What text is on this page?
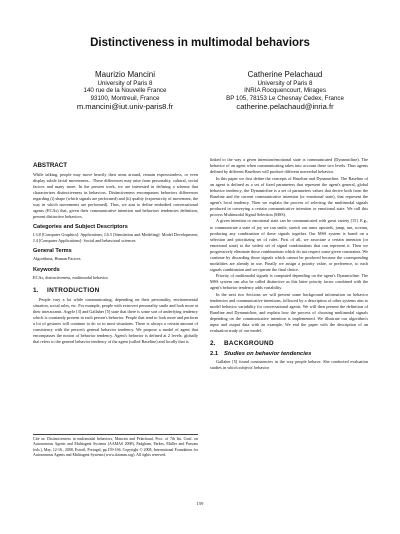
Distinctiveness in multimodal behaviors
Maurizio Mancini
University of Paris 8
140 rue de la Nouvelle France
93100, Montreuil, France
m.mancini@iut.univ-paris8.fr
Catherine Pelachaud
University of Paris 8
INRIA Rocquencourt, Mirages
BP 105, 78153 Le Chesnay Cedex, France
catherine.pelachaud@inria.fr
ABSTRACT

While talking, people may move heavily their arms around, remain expressionless, or even display subtle facial movements... These differences may arise from personality, cultural, social factors and many more. In the present work, we are interested in defining a schema that characterizes distinctiveness in behaviors. Distinctiveness encompasses behaviors differences regarding (i) shape (which signals are performed) and (ii) quality (expressivity of movement, the way in which movements are performed). Thus, we aim to define embodied conversational agents (ECAs) that, given their communicative intention and behaviors tendencies definition, present distinctive behaviors.

Categories and Subject Descriptors

I.3.8 [Computer Graphics]: Applications; I.6.5 [Simulation and Modeling]: Model Development; J.4 [Computer Applications]: Social and behavioral sciences

General Terms

Algorithms, Human Factors

Keywords

ECAs, distinctiveness, multimodal behavior

1. INTRODUCTION

People vary a lot while communicating, depending on their personality, environmental situation, social rules, etc. For example, people with extrovert personality smile and look more at their interactants. Argyle [3] and Gallaher [5] state that there is some sort of underlying tendency which is constantly present in each person's behavior. People that tend to look more and perform a lot of gestures will continue to do so in most situations. There is always a certain amount of consistency with the person's general behavior tendency. We propose a model of agent that encompasses the notion of behavior tendency. Agent's behavior is defined at 2 levels: globally that refers to the general behavior tendency of the agent (called Baseline) and locally that is

Cite as: Distinctiveness in multimodal behaviors, Mancini and Pelachaud, Proc. of 7th Int. Conf. on Autonomous Agents and Multiagent Systems (AAMAS 2008), Padgham, Parkes, Müller and Parsons (eds.), May, 12-16., 2008, Estoril, Portugal, pp.159-166. Copyright © 2008, International Foundation for Autonomous Agents and Multiagent Systems (www.ifaamas.org). All rights reserved.

linked to the way a given intention/emotional state is communicated (Dynamicline). The behavior of an agent when communicating takes into account these two levels. Thus agents defined by different Baselines will produce different nonverbal behavior.

In this paper we first define the concepts of Baseline and Dynamicline. The Baseline of an agent is defined as a set of fixed parameters that represent the agent's general, global behavior tendency; the Dynamicline is a set of parameters values that derive both from the Baseline and the current communicative intention (or emotional state), that represent the agent's local tendency. Then we explain the process of selecting the multimodal signals produced in conveying a certain communicative intention or emotional state. We call this process Multimodal Signal Selection (MSS).

A given intention or emotional state can be communicated with great variety [15]. E.g., to communicate a state of joy we can smile, stretch our arms upwards, jump, run, scream, producing any combination of these signals together. Our MSS system is based on a selection and prioritizing set of rules. First of all, we associate a certain intention (or emotional state) to the widest set of signal combinations that can represent it. Then we progressively eliminate those combinations which do not respect some given constraints. We continue by discarding those signals which cannot be produced because the corresponding modalities are already in use. Finally we assign a priority value, or preference, to each signals combination and we operate the final choice.

Priority of multimodal signals is computed depending on the agent's Dynamicline. The MSS system can also be called distinctive as this latter priority factor combined with the agent's behavior tendency adds variability.

In the next two Sections we will present some background information on behavior tendencies and communicative intentions, followed by a description of other systems aim to model behavior variability for conversational agents. We will then present the definition of Baseline and Dynamicline, and explain how the process of choosing multimodal signals depending on the communicative intention is implemented. We illustrate our algorithm's input and output data with an example. We end the paper with the description of an evaluation study of our model.

2. BACKGROUND
2.1 Studies on behavior tendencies

Gallaher [5] found consistencies in the way people behave. She conducted evaluation studies in which subjects' behavior

159
